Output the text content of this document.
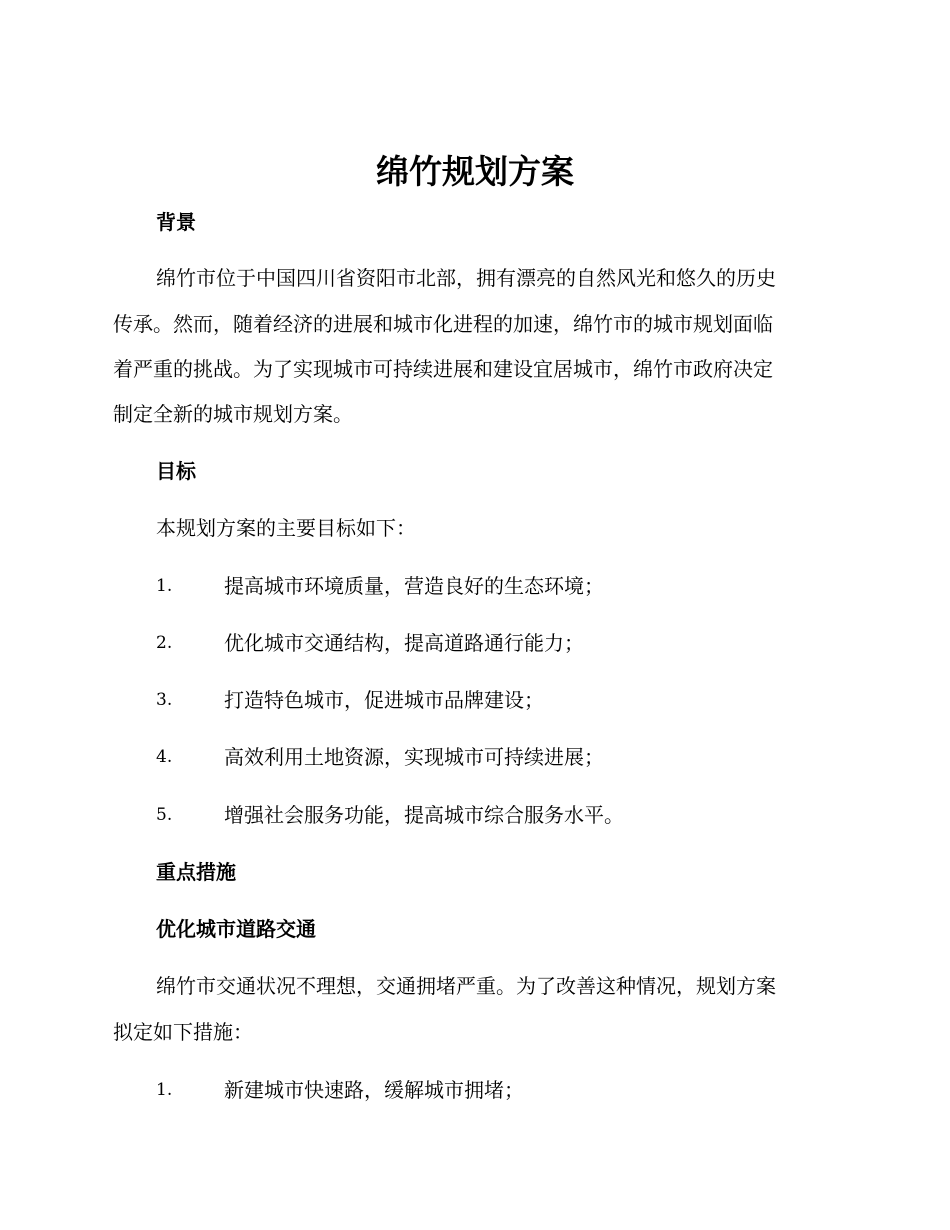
绵竹规划方案
背景
绵竹市位于中国四川省资阳市北部，拥有漂亮的自然风光和悠久的历史
传承。然而，随着经济的进展和城市化进程的加速，绵竹市的城市规划面临
着严重的挑战。为了实现城市可持续进展和建设宜居城市，绵竹市政府决定
制定全新的城市规划方案。
目标
本规划方案的主要目标如下：
1.	提高城市环境质量，营造良好的生态环境；
2.	优化城市交通结构，提高道路通行能力；
3.	打造特色城市，促进城市品牌建设；
4.	高效利用土地资源，实现城市可持续进展；
5.	增强社会服务功能，提高城市综合服务水平。
重点措施
优化城市道路交通
绵竹市交通状况不理想，交通拥堵严重。为了改善这种情况，规划方案
拟定如下措施：
1.	新建城市快速路，缓解城市拥堵；
